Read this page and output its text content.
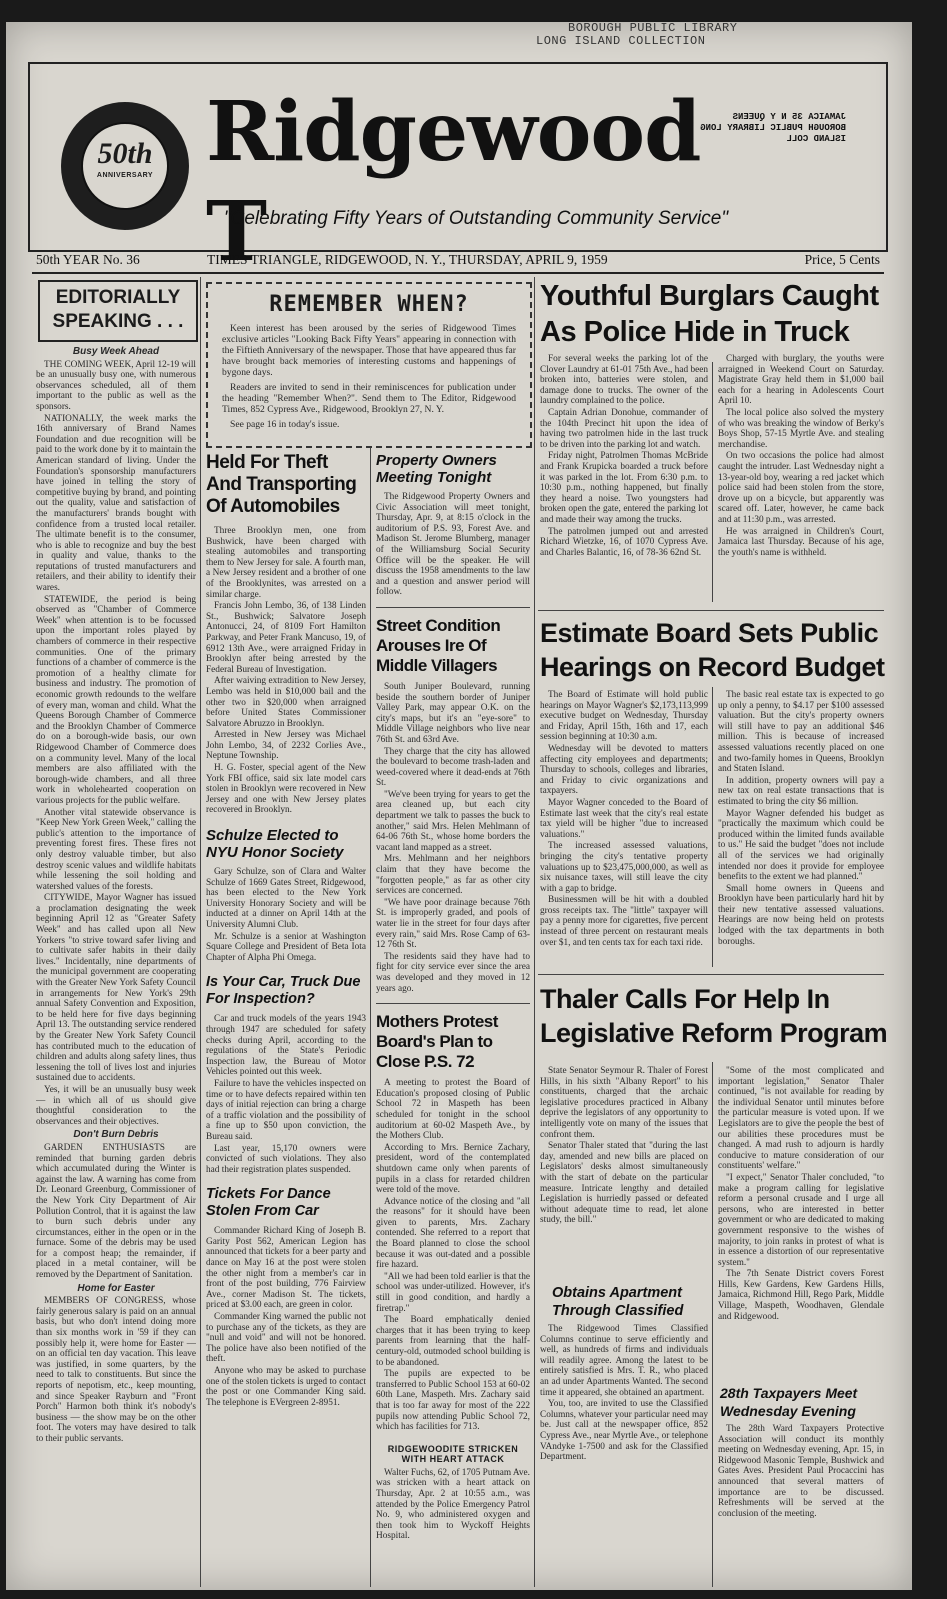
BOROUGH PUBLIC LIBRARY
LONG ISLAND COLLECTION
50th
ANNIVERSARY Ridgewood T
JAMAICA 35 N Y QUEENS BOROUGH PUBLIC LIBRARY LONG ISLAND COLL
"Celebrating Fifty Years of Outstanding Community Service"
50th YEAR No. 36	TIMES TRIANGLE, RIDGEWOOD, N. Y., THURSDAY, APRIL 9, 1959	Price, 5 Cents
EDITORIALLY SPEAKING . . .
Busy Week Ahead

THE COMING WEEK, April 12-19 will be an unusually busy one, with numerous observances scheduled, all of them important to the public as well as the sponsors.

NATIONALLY, the week marks the 16th anniversary of Brand Names Foundation and due recognition will be paid to the work done by it to maintain the American standard of living. Under the Foundation's sponsorship manufacturers have joined in telling the story of competitive buying by brand, and pointing out the quality, value and satisfaction of the manufacturers' brands bought with confidence from a trusted local retailer. The ultimate benefit is to the consumer, who is able to recognize and buy the best in quality and value, thanks to the reputations of trusted manufacturers and retailers, and their ability to identify their wares.

STATEWIDE, the period is being observed as "Chamber of Commerce Week" when attention is to be focussed upon the important roles played by chambers of commerce in their respective communities. One of the primary functions of a chamber of commerce is the promotion of a healthy climate for business and industry. The promotion of economic growth redounds to the welfare of every man, woman and child. What the Queens Borough Chamber of Commerce and the Brooklyn Chamber of Commerce do on a borough-wide basis, our own Ridgewood Chamber of Commerce does on a community level. Many of the local members are also affiliated with the borough-wide chambers, and all three work in wholehearted cooperation on various projects for the public welfare.

Another vital statewide observance is "Keep New York Green Week," calling the public's attention to the importance of preventing forest fires. These fires not only destroy valuable timber, but also destroy scenic values and wildlife habitats while lessening the soil holding and watershed values of the forests.

CITYWIDE, Mayor Wagner has issued a proclamation designating the week beginning April 12 as "Greater Safety Week" and has called upon all New Yorkers "to strive toward safer living and to cultivate safer habits in their daily lives." Incidentally, nine departments of the municipal government are cooperating with the Greater New York Safety Council in arrangements for New York's 29th annual Safety Convention and Exposition, to be held here for five days beginning April 13. The outstanding service rendered by the Greater New York Safety Council has contributed much to the education of children and adults along safety lines, thus lessening the toll of lives lost and injuries sustained due to accidents.

Yes, it will be an unusually busy week — in which all of us should give thoughtful consideration to the observances and their objectives.

Don't Burn Debris

GARDEN ENTHUSIASTS are reminded that burning garden debris which accumulated during the Winter is against the law. A warning has come from Dr. Leonard Greenburg, Commissioner of the New York City Department of Air Pollution Control, that it is against the law to burn such debris under any circumstances, either in the open or in the furnace. Some of the debris may be used for a compost heap; the remainder, if placed in a metal container, will be removed by the Department of Sanitation.

Home for Easter

MEMBERS OF CONGRESS, whose fairly generous salary is paid on an annual basis, but who don't intend doing more than six months work in '59 if they can possibly help it, were home for Easter — on an official ten day vacation. This leave was justified, in some quarters, by the need to talk to constituents. But since the reports of nepotism, etc., keep mounting, and since Speaker Rayburn and "Front Porch" Harmon both think it's nobody's business — the show may be on the other foot. The voters may have desired to talk to their public servants.

REMEMBER WHEN?

Keen interest has been aroused by the series of Ridgewood Times exclusive articles "Looking Back Fifty Years" appearing in connection with the Fiftieth Anniversary of the newspaper. Those that have appeared thus far have brought back memories of interesting customs and happenings of bygone days.

Readers are invited to send in their reminiscences for publication under the heading "Remember When?". Send them to The Editor, Ridgewood Times, 852 Cypress Ave., Ridgewood, Brooklyn 27, N. Y.

See page 16 in today's issue.

Held For Theft And Transporting Of Automobiles

Three Brooklyn men, one from Bushwick, have been charged with stealing automobiles and transporting them to New Jersey for sale. A fourth man, a New Jersey resident and a brother of one of the Brooklynites, was arrested on a similar charge.

Francis John Lembo, 36, of 138 Linden St., Bushwick; Salvatore Joseph Antonucci, 24, of 8109 Fort Hamilton Parkway, and Peter Frank Mancuso, 19, of 6912 13th Ave., were arraigned Friday in Brooklyn after being arrested by the Federal Bureau of Investigation.

After waiving extradition to New Jersey, Lembo was held in $10,000 bail and the other two in $20,000 when arraigned before United States Commissioner Salvatore Abruzzo in Brooklyn.

Arrested in New Jersey was Michael John Lembo, 34, of 2232 Corlies Ave., Neptune Township.

H. G. Foster, special agent of the New York FBI office, said six late model cars stolen in Brooklyn were recovered in New Jersey and one with New Jersey plates recovered in Brooklyn.

Schulze Elected to NYU Honor Society

Gary Schulze, son of Clara and Walter Schulze of 1669 Gates Street, Ridgewood, has been elected to the New York University Honorary Society and will be inducted at a dinner on April 14th at the University Alumni Club.

Mr. Schulze is a senior at Washington Square College and President of Beta Iota Chapter of Alpha Phi Omega.

Is Your Car, Truck Due For Inspection?

Car and truck models of the years 1943 through 1947 are scheduled for safety checks during April, according to the regulations of the State's Periodic Inspection law, the Bureau of Motor Vehicles pointed out this week.

Failure to have the vehicles inspected on time or to have defects repaired within ten days of initial rejection can bring a charge of a traffic violation and the possibility of a fine up to $50 upon conviction, the Bureau said.

Last year, 15,170 owners were convicted of such violations. They also had their registration plates suspended.

Tickets For Dance Stolen From Car

Commander Richard King of Joseph B. Garity Post 562, American Legion has announced that tickets for a beer party and dance on May 16 at the post were stolen the other night from a member's car in front of the post building, 776 Fairview Ave., corner Madison St. The tickets, priced at $3.00 each, are green in color.

Commander King warned the public not to purchase any of the tickets, as they are "null and void" and will not be honored. The police have also been notified of the theft.

Anyone who may be asked to purchase one of the stolen tickets is urged to contact the post or one Commander King said. The telephone is EVergreen 2-8951.

Property Owners Meeting Tonight

The Ridgewood Property Owners and Civic Association will meet tonight, Thursday, Apr. 9, at 8:15 o'clock in the auditorium of P.S. 93, Forest Ave. and Madison St. Jerome Blumberg, manager of the Williamsburg Social Security Office will be the speaker. He will discuss the 1958 amendments to the law and a question and answer period will follow.

Street Condition Arouses Ire Of Middle Villagers

South Juniper Boulevard, running beside the southern border of Juniper Valley Park, may appear O.K. on the city's maps, but it's an "eye-sore" to Middle Village neighbors who live near 76th St. and 63rd Ave.

They charge that the city has allowed the boulevard to become trash-laden and weed-covered where it dead-ends at 76th St.

"We've been trying for years to get the area cleaned up, but each city department we talk to passes the buck to another," said Mrs. Helen Mehlmann of 64-06 76th St., whose home borders the vacant land mapped as a street.

Mrs. Mehlmann and her neighbors claim that they have become the "forgotten people," as far as other city services are concerned.

"We have poor drainage because 76th St. is improperly graded, and pools of water lie in the street for four days after every rain," said Mrs. Rose Camp of 63-12 76th St.

The residents said they have had to fight for city service ever since the area was developed and they moved in 12 years ago.

Mothers Protest Board's Plan to Close P.S. 72

A meeting to protest the Board of Education's proposed closing of Public School 72 in Maspeth has been scheduled for tonight in the school auditorium at 60-02 Maspeth Ave., by the Mothers Club.

According to Mrs. Bernice Zachary, president, word of the contemplated shutdown came only when parents of pupils in a class for retarded children were told of the move.

Advance notice of the closing and "all the reasons" for it should have been given to parents, Mrs. Zachary contended. She referred to a report that the Board planned to close the school because it was out-dated and a possible fire hazard.

"All we had been told earlier is that the school was under-utilized. However, it's still in good condition, and hardly a firetrap."

The Board emphatically denied charges that it has been trying to keep parents from learning that the half-century-old, outmoded school building is to be abandoned.

The pupils are expected to be transferred to Public School 153 at 60-02 60th Lane, Maspeth. Mrs. Zachary said that is too far away for most of the 222 pupils now attending Public School 72, which has facilities for 713.

RIDGEWOODITE STRICKEN WITH HEART ATTACK

Walter Fuchs, 62, of 1705 Putnam Ave. was stricken with a heart attack on Thursday, Apr. 2 at 10:55 a.m., was attended by the Police Emergency Patrol No. 9, who administered oxygen and then took him to Wyckoff Heights Hospital.

Youthful Burglars Caught As Police Hide in Truck

For several weeks the parking lot of the Clover Laundry at 61-01 75th Ave., had been broken into, batteries were stolen, and damage done to trucks. The owner of the laundry complained to the police.

Captain Adrian Donohue, commander of the 104th Precinct hit upon the idea of having two patrolmen hide in the last truck to be driven into the parking lot and watch.

Friday night, Patrolmen Thomas McBride and Frank Krupicka boarded a truck before it was parked in the lot. From 6:30 p.m. to 10:30 p.m., nothing happened, but finally they heard a noise. Two youngsters had broken open the gate, entered the parking lot and made their way among the trucks.

The patrolmen jumped out and arrested Richard Wietzke, 16, of 1070 Cypress Ave. and Charles Balantic, 16, of 78-36 62nd St.

Charged with burglary, the youths were arraigned in Weekend Court on Saturday. Magistrate Gray held them in $1,000 bail each for a hearing in Adolescents Court April 10.

The local police also solved the mystery of who was breaking the window of Berky's Boys Shop, 57-15 Myrtle Ave. and stealing merchandise.

On two occasions the police had almost caught the intruder. Last Wednesday night a 13-year-old boy, wearing a red jacket which police said had been stolen from the store, drove up on a bicycle, but apparently was scared off. Later, however, he came back and at 11:30 p.m., was arrested.

He was arraigned in Children's Court, Jamaica last Thursday. Because of his age, the youth's name is withheld.

Estimate Board Sets Public Hearings on Record Budget

The Board of Estimate will hold public hearings on Mayor Wagner's $2,173,113,999 executive budget on Wednesday, Thursday and Friday, April 15th, 16th and 17, each session beginning at 10:30 a.m.

Wednesday will be devoted to matters affecting city employees and departments; Thursday to schools, colleges and libraries, and Friday to civic organizations and taxpayers.

Mayor Wagner conceded to the Board of Estimate last week that the city's real estate tax yield will be higher "due to increased valuations."

The increased assessed valuations, bringing the city's tentative property valuations up to $23,475,000,000, as well as six nuisance taxes, will still leave the city with a gap to bridge.

Businessmen will be hit with a doubled gross receipts tax. The "little" taxpayer will pay a penny more for cigarettes, five percent instead of three percent on restaurant meals over $1, and ten cents tax for each taxi ride.

The basic real estate tax is expected to go up only a penny, to $4.17 per $100 assessed valuation. But the city's property owners will still have to pay an additional $46 million. This is because of increased assessed valuations recently placed on one and two-family homes in Queens, Brooklyn and Staten Island.

In addition, property owners will pay a new tax on real estate transactions that is estimated to bring the city $6 million.

Mayor Wagner defended his budget as "practically the maximum which could be produced within the limited funds available to us." He said the budget "does not include all of the services we had originally intended nor does it provide for employee benefits to the extent we had planned."

Small home owners in Queens and Brooklyn have been particularly hard hit by their new tentative assessed valuations. Hearings are now being held on protests lodged with the tax departments in both boroughs.

Thaler Calls For Help In Legislative Reform Program

State Senator Seymour R. Thaler of Forest Hills, in his sixth "Albany Report" to his constituents, charged that the archaic legislative procedures practiced in Albany deprive the legislators of any opportunity to intelligently vote on many of the issues that confront them.

Senator Thaler stated that "during the last day, amended and new bills are placed on Legislators' desks almost simultaneously with the start of debate on the particular measure. Intricate lengthy and detailed Legislation is hurriedly passed or defeated without adequate time to read, let alone study, the bill."

"Some of the most complicated and important legislation," Senator Thaler continued, "is not available for reading by the individual Senator until minutes before the particular measure is voted upon. If we Legislators are to give the people the best of our abilities these procedures must be changed. A mad rush to adjourn is hardly conducive to mature consideration of our constituents' welfare."

"I expect," Senator Thaler concluded, "to make a program calling for legislative reform a personal crusade and I urge all persons, who are interested in better government or who are dedicated to making government responsive to the wishes of majority, to join ranks in protest of what is in essence a distortion of our representative system."

The 7th Senate District covers Forest Hills, Kew Gardens, Kew Gardens Hills, Jamaica, Richmond Hill, Rego Park, Middle Village, Maspeth, Woodhaven, Glendale and Ridgewood.

Obtains Apartment Through Classified

The Ridgewood Times Classified Columns continue to serve efficiently and well, as hundreds of firms and individuals will readily agree. Among the latest to be entirely satisfied is Mrs. T. R., who placed an ad under Apartments Wanted. The second time it appeared, she obtained an apartment.

You, too, are invited to use the Classified Columns, whatever your particular need may be. Just call at the newspaper office, 852 Cypress Ave., near Myrtle Ave., or telephone VAndyke 1-7500 and ask for the Classified Department.

28th Taxpayers Meet Wednesday Evening

The 28th Ward Taxpayers Protective Association will conduct its monthly meeting on Wednesday evening, Apr. 15, in Ridgewood Masonic Temple, Bushwick and Gates Aves. President Paul Procaccini has announced that several matters of importance are to be discussed. Refreshments will be served at the conclusion of the meeting.
